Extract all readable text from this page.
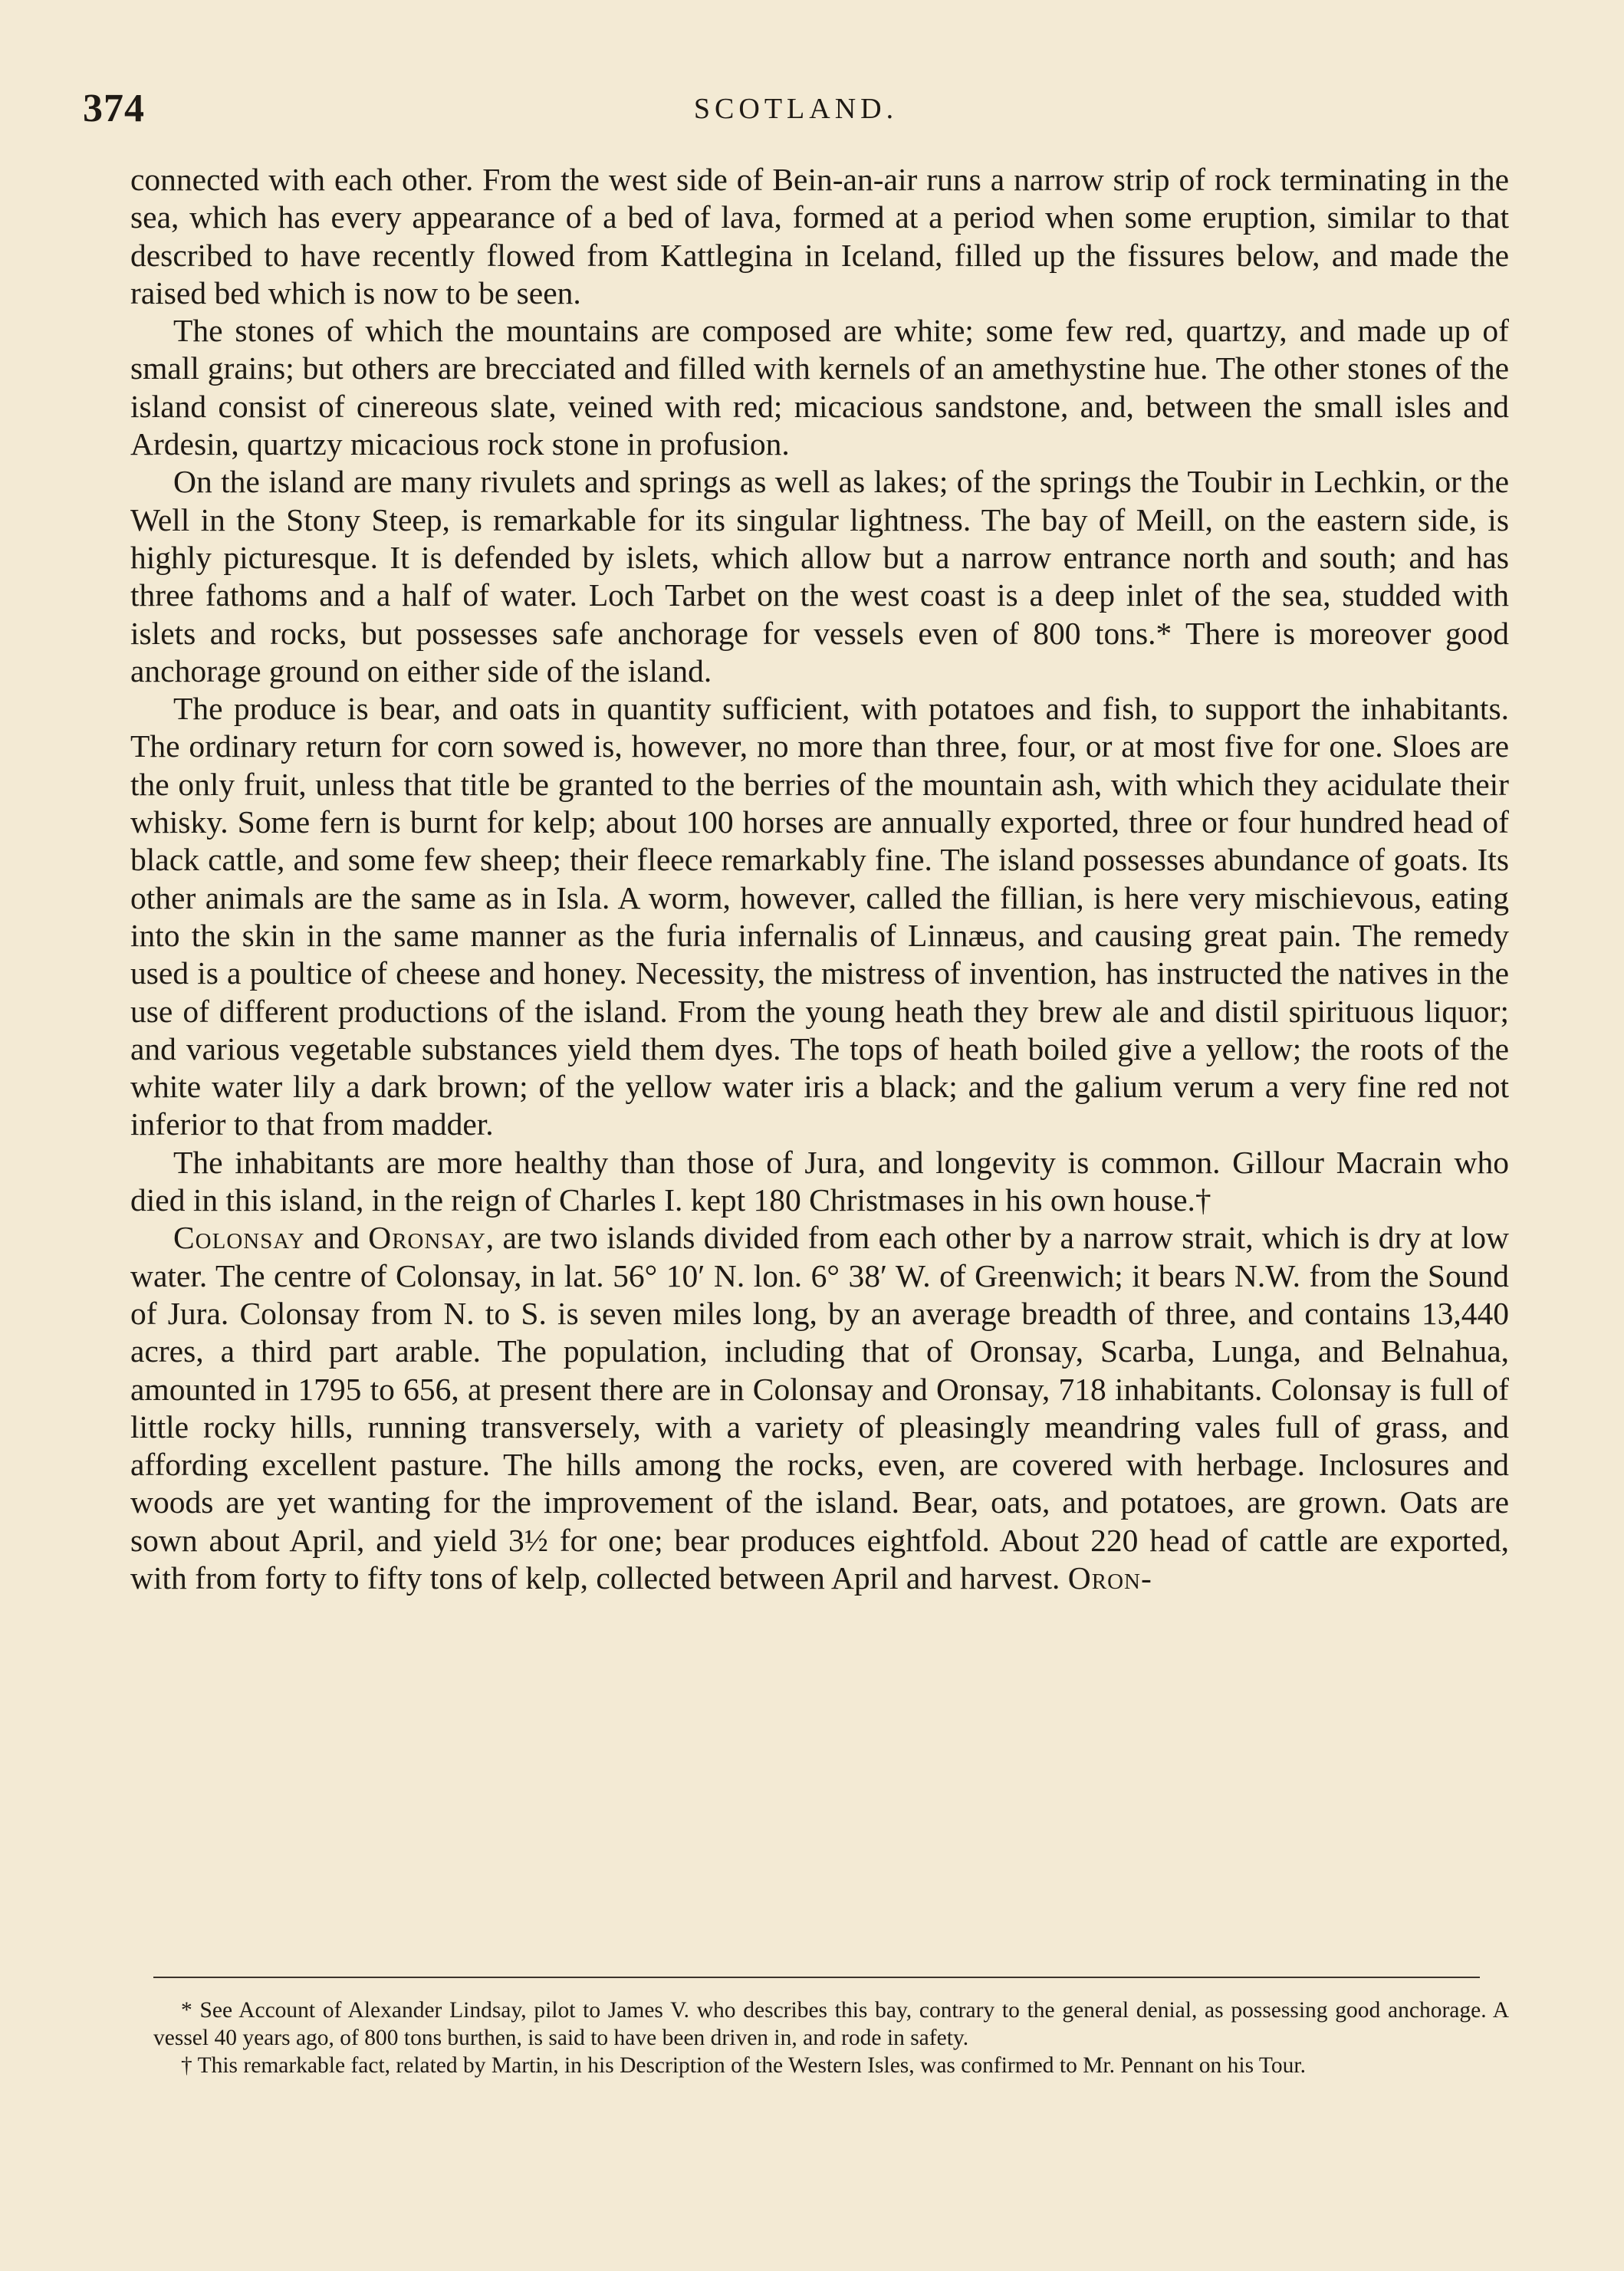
374	SCOTLAND.

connected with each other. From the west side of Bein-an-air runs a narrow strip of rock terminating in the sea, which has every appearance of a bed of lava, formed at a period when some eruption, similar to that described to have recently flowed from Kattlegina in Iceland, filled up the fissures below, and made the raised bed which is now to be seen.

The stones of which the mountains are composed are white; some few red, quartzy, and made up of small grains; but others are brecciated and filled with kernels of an amethystine hue. The other stones of the island consist of cinereous slate, veined with red; micacious sandstone, and, between the small isles and Ardesin, quartzy micacious rock stone in profusion.

On the island are many rivulets and springs as well as lakes; of the springs the Toubir in Lechkin, or the Well in the Stony Steep, is remarkable for its singular lightness. The bay of Meill, on the eastern side, is highly picturesque. It is defended by islets, which allow but a narrow entrance north and south; and has three fathoms and a half of water. Loch Tarbet on the west coast is a deep inlet of the sea, studded with islets and rocks, but possesses safe anchorage for vessels even of 800 tons.* There is moreover good anchorage ground on either side of the island.

The produce is bear, and oats in quantity sufficient, with potatoes and fish, to support the inhabitants. The ordinary return for corn sowed is, however, no more than three, four, or at most five for one. Sloes are the only fruit, unless that title be granted to the berries of the mountain ash, with which they acidulate their whisky. Some fern is burnt for kelp; about 100 horses are annually exported, three or four hundred head of black cattle, and some few sheep; their fleece remarkably fine. The island possesses abundance of goats. Its other animals are the same as in Isla. A worm, however, called the fillian, is here very mischievous, eating into the skin in the same manner as the furia infernalis of Linnæus, and causing great pain. The remedy used is a poultice of cheese and honey. Necessity, the mistress of invention, has instructed the natives in the use of different productions of the island. From the young heath they brew ale and distil spirituous liquor; and various vegetable substances yield them dyes. The tops of heath boiled give a yellow; the roots of the white water lily a dark brown; of the yellow water iris a black; and the galium verum a very fine red not inferior to that from madder.

The inhabitants are more healthy than those of Jura, and longevity is common. Gillour Macrain who died in this island, in the reign of Charles I. kept 180 Christmases in his own house.†

Colonsay and Oronsay, are two islands divided from each other by a narrow strait, which is dry at low water. The centre of Colonsay, in lat. 56° 10′ N. lon. 6° 38′ W. of Greenwich; it bears N.W. from the Sound of Jura. Colonsay from N. to S. is seven miles long, by an average breadth of three, and contains 13,440 acres, a third part arable. The population, including that of Oronsay, Scarba, Lunga, and Belnahua, amounted in 1795 to 656, at present there are in Colonsay and Oronsay, 718 inhabitants. Colonsay is full of little rocky hills, running transversely, with a variety of pleasingly meandring vales full of grass, and affording excellent pasture. The hills among the rocks, even, are covered with herbage. Inclosures and woods are yet wanting for the improvement of the island. Bear, oats, and potatoes, are grown. Oats are sown about April, and yield 3½ for one; bear produces eightfold. About 220 head of cattle are exported, with from forty to fifty tons of kelp, collected between April and harvest. Oron-

* See Account of Alexander Lindsay, pilot to James V. who describes this bay, contrary to the general denial, as possessing good anchorage. A vessel 40 years ago, of 800 tons burthen, is said to have been driven in, and rode in safety.

† This remarkable fact, related by Martin, in his Description of the Western Isles, was confirmed to Mr. Pennant on his Tour.
